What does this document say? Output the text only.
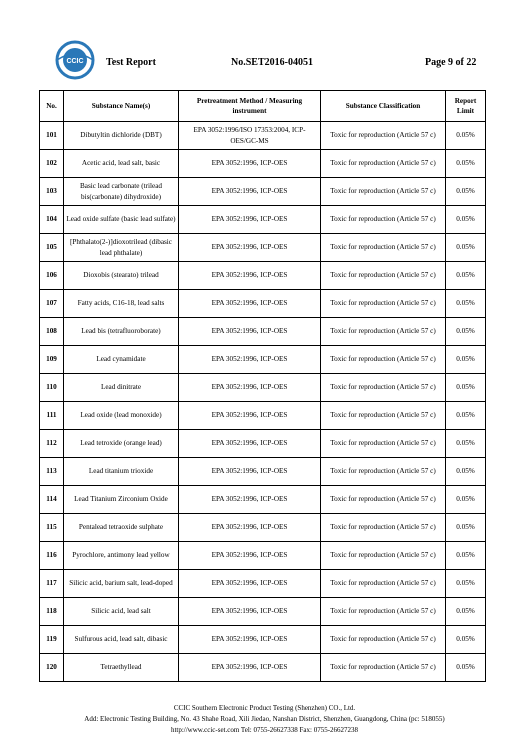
CCIC Test Report	No.SET2016-04051	Page 9 of 22
No.	Substance Name(s)	Pretreatment Method / Measuring instrument	Substance Classification	Report Limit
101	Dibutyltin dichloride (DBT)	EPA 3052:1996/ISO 17353:2004, ICP-OES/GC-MS	Toxic for reproduction (Article 57 c)	0.05%
102	Acetic acid, lead salt, basic	EPA 3052:1996, ICP-OES	Toxic for reproduction (Article 57 c)	0.05%
103	Basic lead carbonate (trilead bis(carbonate) dihydroxide)	EPA 3052:1996, ICP-OES	Toxic for reproduction (Article 57 c)	0.05%
104	Lead oxide sulfate (basic lead sulfate)	EPA 3052:1996, ICP-OES	Toxic for reproduction (Article 57 c)	0.05%
105	[Phthalato(2-)]dioxotrilead (dibasic lead phthalate)	EPA 3052:1996, ICP-OES	Toxic for reproduction (Article 57 c)	0.05%
106	Dioxobis (stearato) trilead	EPA 3052:1996, ICP-OES	Toxic for reproduction (Article 57 c)	0.05%
107	Fatty acids, C16-18, lead salts	EPA 3052:1996, ICP-OES	Toxic for reproduction (Article 57 c)	0.05%
108	Lead bis (tetrafluoroborate)	EPA 3052:1996, ICP-OES	Toxic for reproduction (Article 57 c)	0.05%
109	Lead cynamidate	EPA 3052:1996, ICP-OES	Toxic for reproduction (Article 57 c)	0.05%
110	Lead dinitrate	EPA 3052:1996, ICP-OES	Toxic for reproduction (Article 57 c)	0.05%
111	Lead oxide (lead monoxide)	EPA 3052:1996, ICP-OES	Toxic for reproduction (Article 57 c)	0.05%
112	Lead tetroxide (orange lead)	EPA 3052:1996, ICP-OES	Toxic for reproduction (Article 57 c)	0.05%
113	Lead titanium trioxide	EPA 3052:1996, ICP-OES	Toxic for reproduction (Article 57 c)	0.05%
114	Lead Titanium Zirconium Oxide	EPA 3052:1996, ICP-OES	Toxic for reproduction (Article 57 c)	0.05%
115	Pentalead tetraoxide sulphate	EPA 3052:1996, ICP-OES	Toxic for reproduction (Article 57 c)	0.05%
116	Pyrochlore, antimony lead yellow	EPA 3052:1996, ICP-OES	Toxic for reproduction (Article 57 c)	0.05%
117	Silicic acid, barium salt, lead-doped	EPA 3052:1996, ICP-OES	Toxic for reproduction (Article 57 c)	0.05%
118	Silicic acid, lead salt	EPA 3052:1996, ICP-OES	Toxic for reproduction (Article 57 c)	0.05%
119	Sulfurous acid, lead salt, dibasic	EPA 3052:1996, ICP-OES	Toxic for reproduction (Article 57 c)	0.05%
120	Tetraethyllead	EPA 3052:1996, ICP-OES	Toxic for reproduction (Article 57 c)	0.05%
CCIC Southern Electronic Product Testing (Shenzhen) CO., Ltd.
Add: Electronic Testing Building, No. 43 Shahe Road, Xili Jiedao, Nanshan District, Shenzhen, Guangdong, China (pc: 518055)
http://www.ccic-set.com Tel: 0755-26627338 Fax: 0755-26627238
